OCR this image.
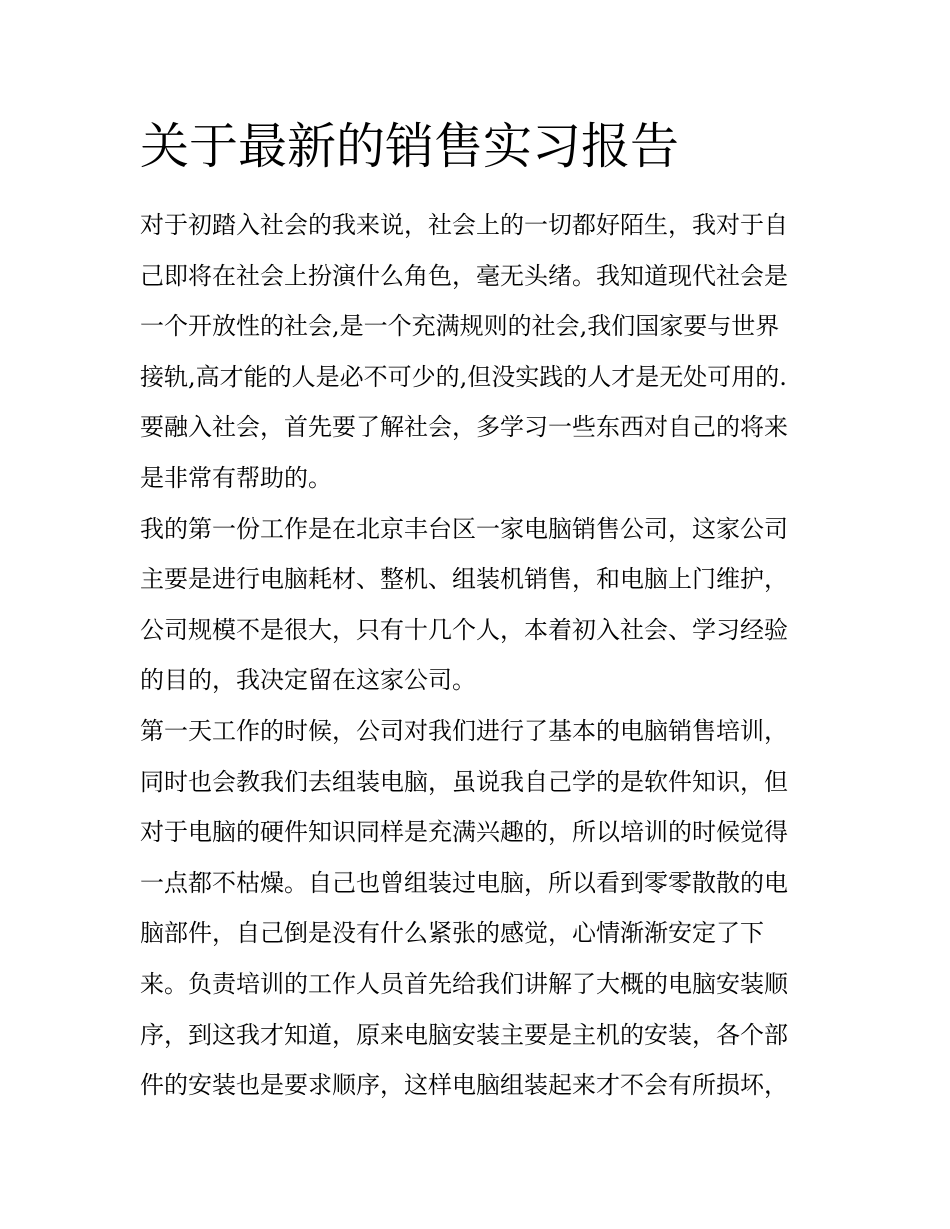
关于最新的销售实习报告
对于初踏入社会的我来说，社会上的一切都好陌生，我对于自
己即将在社会上扮演什么角色，毫无头绪。我知道现代社会是
一个开放性的社会,是一个充满规则的社会,我们国家要与世界
接轨,高才能的人是必不可少的,但没实践的人才是无处可用的.
要融入社会，首先要了解社会，多学习一些东西对自己的将来
是非常有帮助的。
我的第一份工作是在北京丰台区一家电脑销售公司，这家公司
主要是进行电脑耗材、整机、组装机销售，和电脑上门维护，
公司规模不是很大，只有十几个人，本着初入社会、学习经验
的目的，我决定留在这家公司。
第一天工作的时候，公司对我们进行了基本的电脑销售培训，
同时也会教我们去组装电脑，虽说我自己学的是软件知识，但
对于电脑的硬件知识同样是充满兴趣的，所以培训的时候觉得
一点都不枯燥。自己也曾组装过电脑，所以看到零零散散的电
脑部件，自己倒是没有什么紧张的感觉，心情渐渐安定了下
来。负责培训的工作人员首先给我们讲解了大概的电脑安装顺
序，到这我才知道，原来电脑安装主要是主机的安装，各个部
件的安装也是要求顺序，这样电脑组装起来才不会有所损坏，
